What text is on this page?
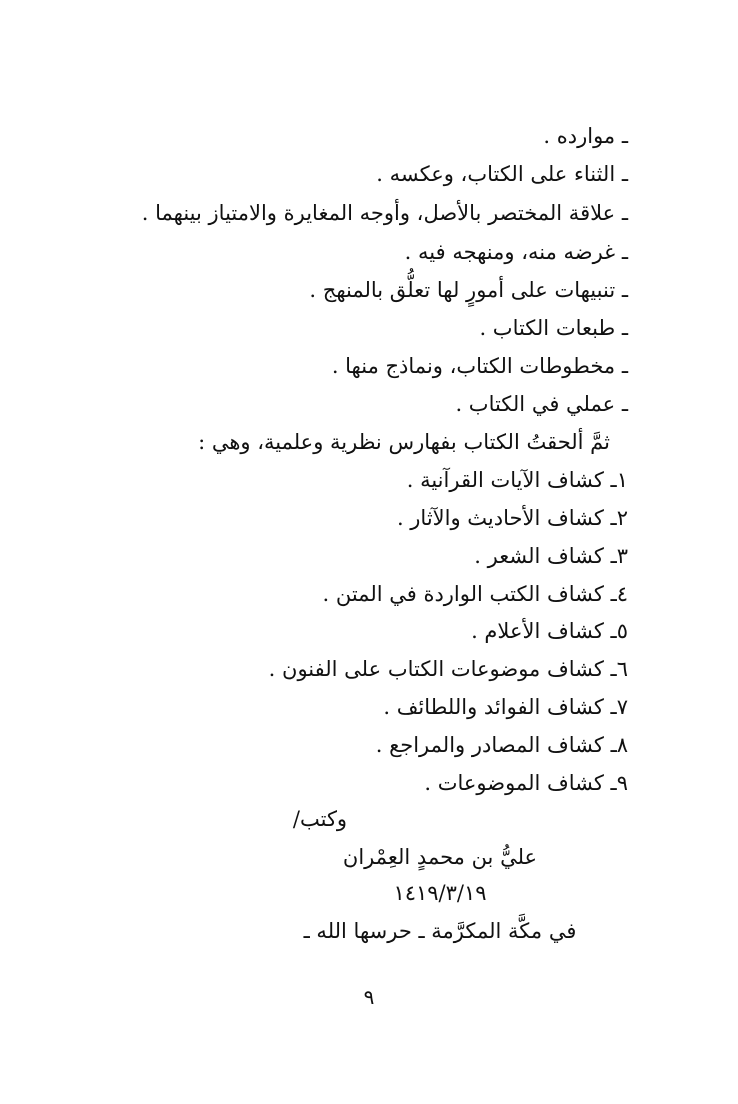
ـ موارده .
ـ الثناء على الكتاب، وعكسه .
ـ علاقة المختصر بالأصل، وأوجه المغايرة والامتياز بينهما .
ـ غرضه منه، ومنهجه فيه .
ـ تنبيهات على أمورٍ لها تعلُّق بالمنهج .
ـ طبعات الكتاب .
ـ مخطوطات الكتاب، ونماذج منها .
ـ عملي في الكتاب .
ثمَّ ألحقتُ الكتاب بفهارس نظرية وعلمية، وهي :
١ـ كشاف الآيات القرآنية .
٢ـ كشاف الأحاديث والآثار .
٣ـ كشاف الشعر .
٤ـ كشاف الكتب الواردة في المتن .
٥ـ كشاف الأعلام .
٦ـ كشاف موضوعات الكتاب على الفنون .
٧ـ كشاف الفوائد واللطائف .
٨ـ كشاف المصادر والمراجع .
٩ـ كشاف الموضوعات .
وكتب/
عليُّ بن محمدٍ العِمْران
١٤١٩/٣/١٩
في مكَّة المكرَّمة ـ حرسها الله ـ
٩
